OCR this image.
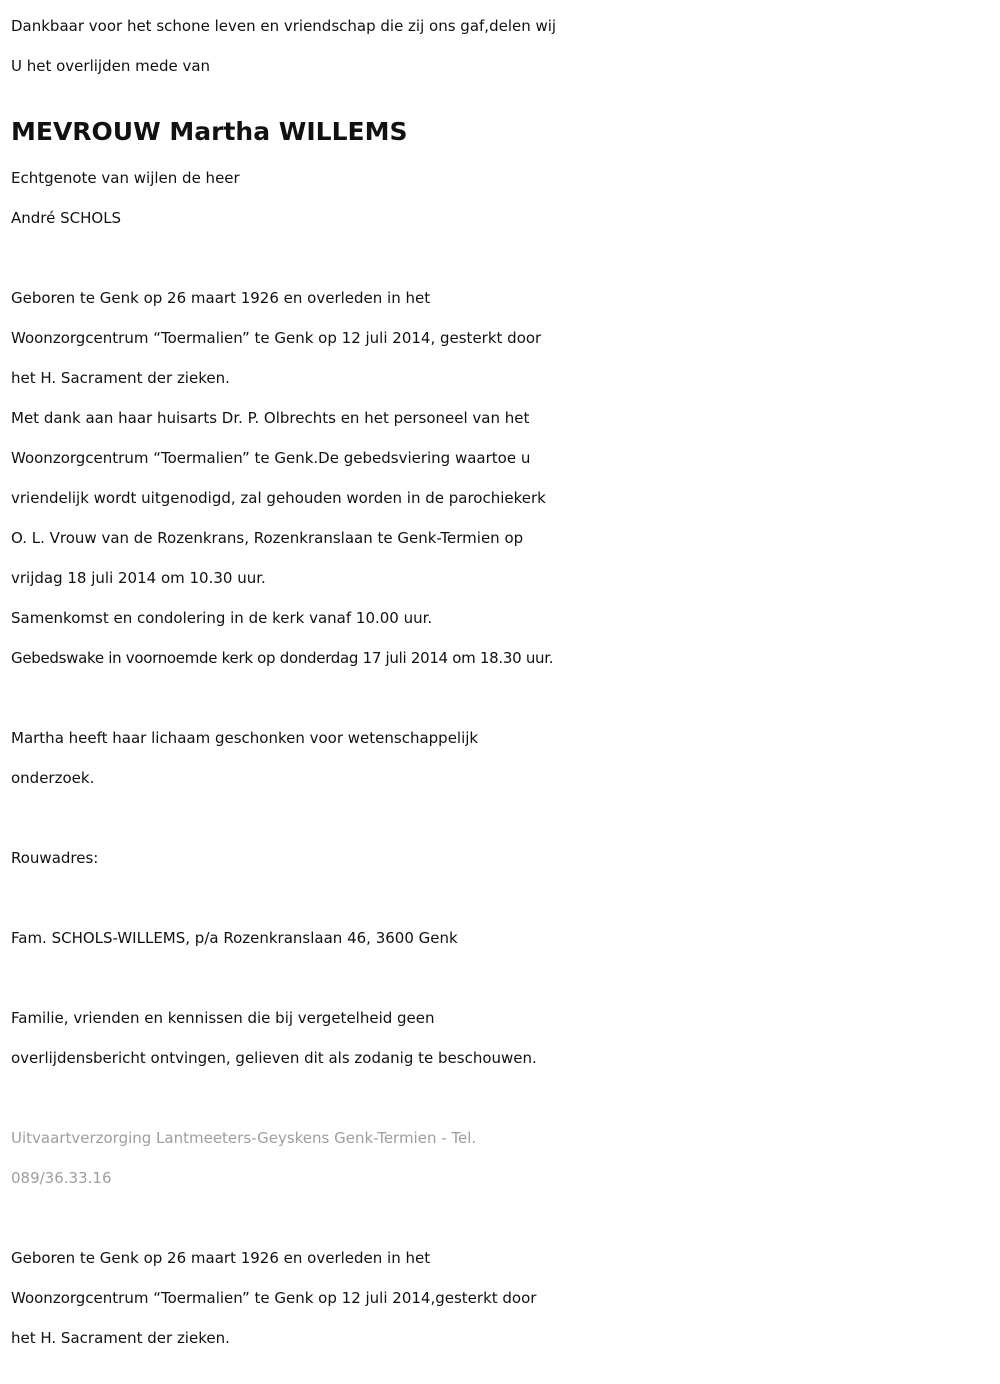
Dankbaar voor het schone leven en vriendschap die zij ons gaf,delen wij
U het overlijden mede van
MEVROUW Martha WILLEMS
Echtgenote van wijlen de heer
André SCHOLS
Geboren te Genk op 26 maart 1926 en overleden in het
Woonzorgcentrum “Toermalien” te Genk op 12 juli 2014, gesterkt door
het H. Sacrament der zieken.
Met dank aan haar huisarts Dr. P. Olbrechts en het personeel van het
Woonzorgcentrum “Toermalien” te Genk.De gebedsviering waartoe u
vriendelijk wordt uitgenodigd, zal gehouden worden in de parochiekerk
O. L. Vrouw van de Rozenkrans, Rozenkranslaan te Genk-Termien op
vrijdag 18 juli 2014 om 10.30 uur.
Samenkomst en condolering in de kerk vanaf 10.00 uur.
Gebedswake in voornoemde kerk op donderdag 17 juli 2014 om 18.30 uur.
Martha heeft haar lichaam geschonken voor wetenschappelijk
onderzoek.
Rouwadres:
Fam. SCHOLS-WILLEMS, p/a Rozenkranslaan 46, 3600 Genk
Familie, vrienden en kennissen die bij vergetelheid geen
overlijdensbericht ontvingen, gelieven dit als zodanig te beschouwen.
Uitvaartverzorging Lantmeeters-Geyskens Genk-Termien - Tel.
089/36.33.16
Geboren te Genk op 26 maart 1926 en overleden in het
Woonzorgcentrum “Toermalien” te Genk op 12 juli 2014,gesterkt door
het H. Sacrament der zieken.
